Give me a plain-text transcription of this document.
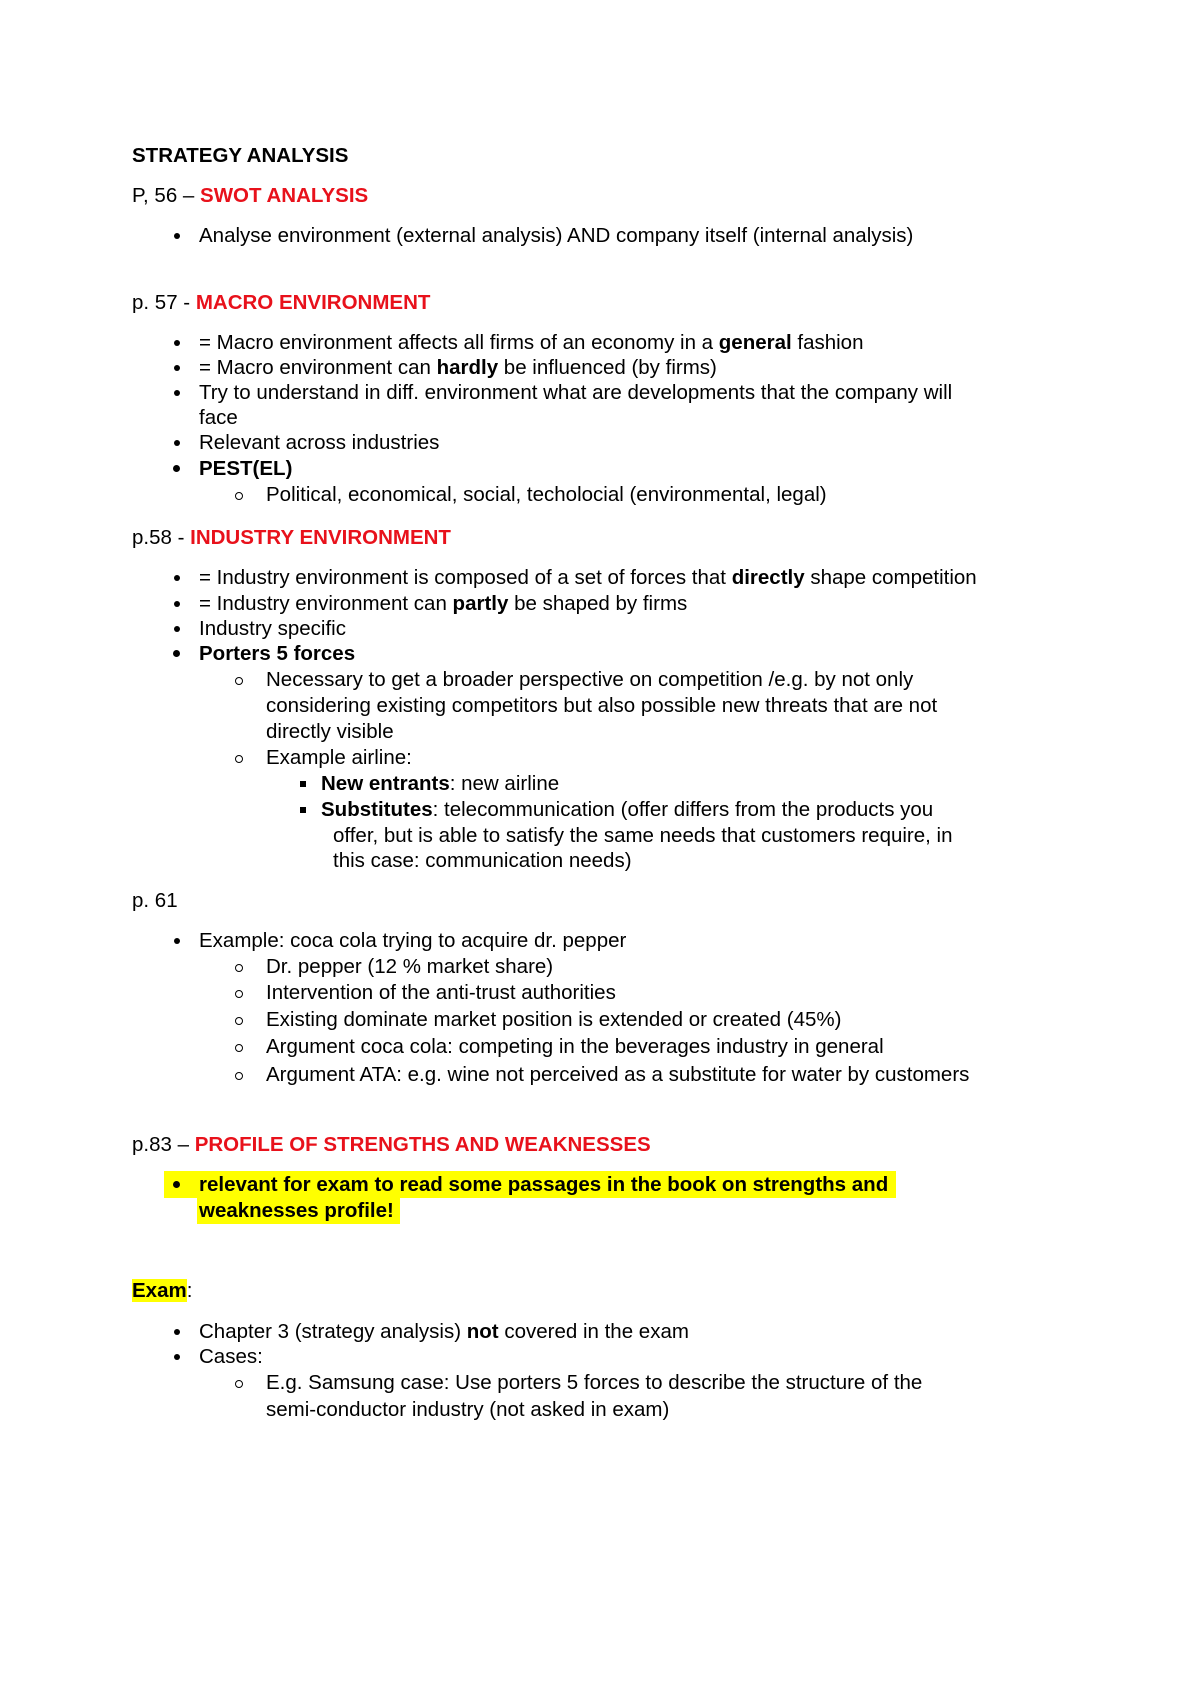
STRATEGY ANALYSIS
P, 56 – SWOT ANALYSIS
Analyse environment (external analysis) AND company itself (internal analysis)
p. 57 - MACRO ENVIRONMENT
= Macro environment affects all firms of an economy in a general fashion
= Macro environment can hardly be influenced (by firms)
Try to understand in diff. environment what are developments that the company will
face
Relevant across industries
PEST(EL)
Political, economical, social, techolocial (environmental, legal)
p.58 - INDUSTRY ENVIRONMENT
= Industry environment is composed of a set of forces that directly shape competition
= Industry environment can partly be shaped by firms
Industry specific
Porters 5 forces
Necessary to get a broader perspective on competition /e.g. by not only
considering existing competitors but also possible new threats that are not
directly visible
Example airline:
New entrants: new airline
Substitutes: telecommunication (offer differs from the products you
offer, but is able to satisfy the same needs that customers require, in
this case: communication needs)
p. 61
Example: coca cola trying to acquire dr. pepper
Dr. pepper (12 % market share)
Intervention of the anti-trust authorities
Existing dominate market position is extended or created (45%)
Argument coca cola: competing in the beverages industry in general
Argument ATA: e.g. wine not perceived as a substitute for water by customers
p.83 – PROFILE OF STRENGTHS AND WEAKNESSES
relevant for exam to read some passages in the book on strengths and
weaknesses profile!
Exam:
Chapter 3 (strategy analysis) not covered in the exam
Cases:
E.g. Samsung case: Use porters 5 forces to describe the structure of the
semi-conductor industry (not asked in exam)
